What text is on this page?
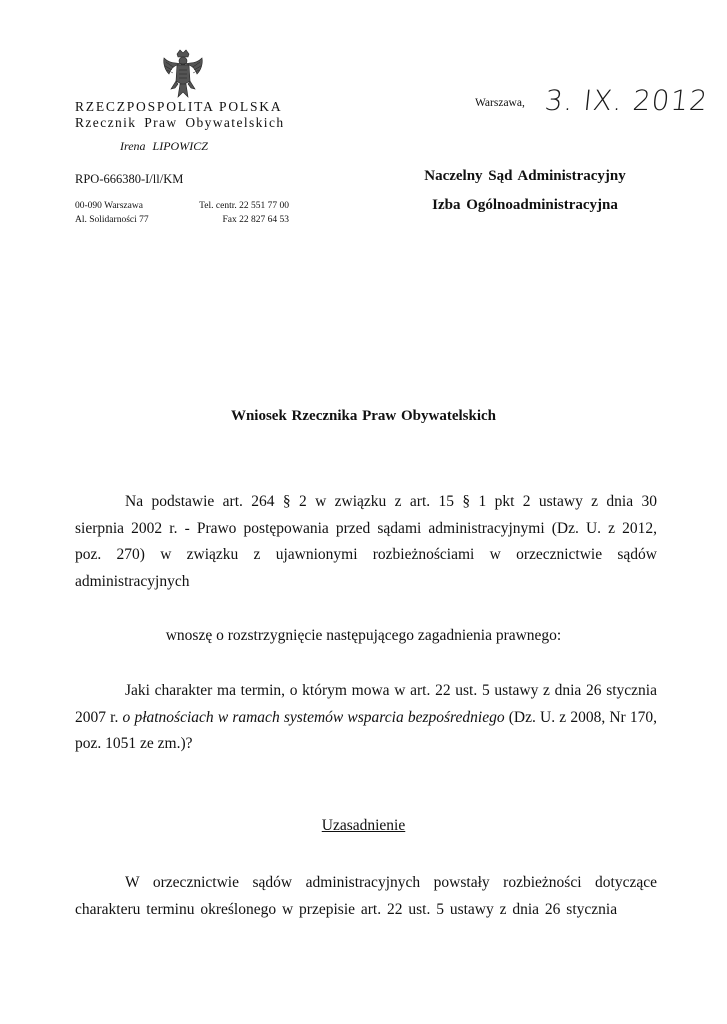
RZECZPOSPOLITA POLSKA
Rzecznik Praw Obywatelskich
Irena LIPOWICZ
RPO-666380-I/ll/KM
00-090 Warszawa
Al. Solidarności 77
Tel. centr. 22 551 77 00
Fax 22 827 64 53
Warszawa, 3. IX. 2012
Naczelny Sąd Administracyjny
Izba Ogólnoadministracyjna
Wniosek Rzecznika Praw Obywatelskich
Na podstawie art. 264 § 2 w związku z art. 15 § 1 pkt 2 ustawy z dnia 30 sierpnia 2002 r. - Prawo postępowania przed sądami administracyjnymi (Dz. U. z 2012, poz. 270) w związku z ujawnionymi rozbieżnościami w orzecznictwie sądów administracyjnych
wnoszę o rozstrzygnięcie następującego zagadnienia prawnego:
Jaki charakter ma termin, o którym mowa w art. 22 ust. 5 ustawy z dnia 26 stycznia 2007 r. o płatnościach w ramach systemów wsparcia bezpośredniego (Dz. U. z 2008, Nr 170, poz. 1051 ze zm.)?
Uzasadnienie
W orzecznictwie sądów administracyjnych powstały rozbieżności dotyczące charakteru terminu określonego w przepisie art. 22 ust. 5 ustawy z dnia 26 stycznia
